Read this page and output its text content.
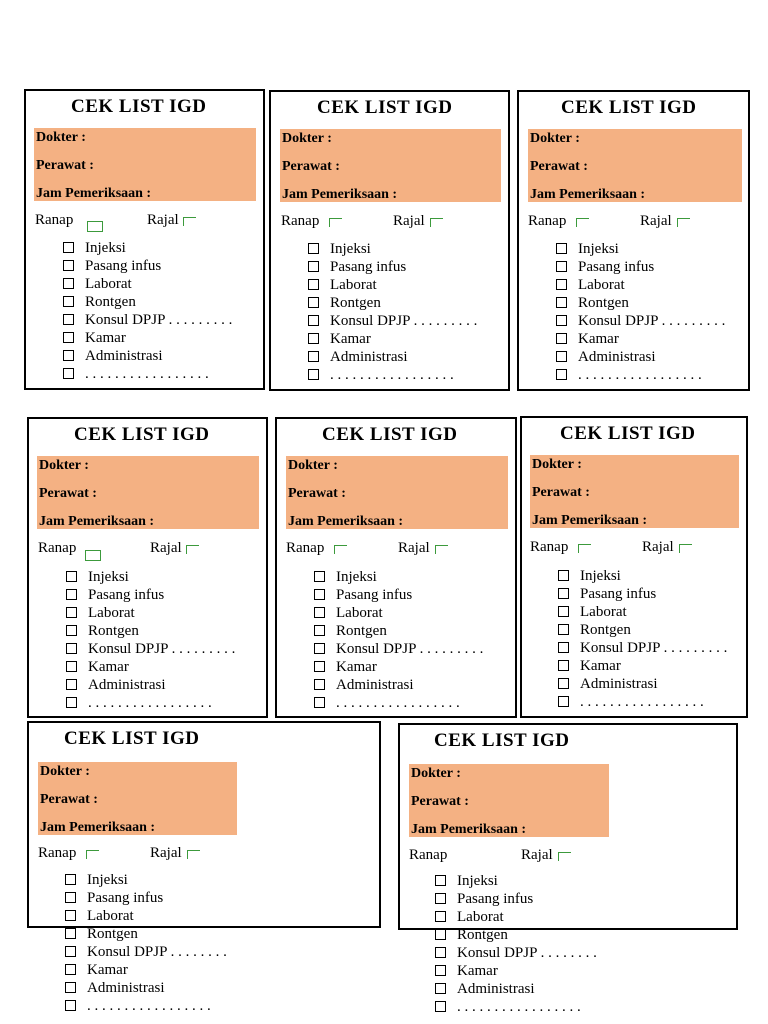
CEK LIST IGD
Dokter :
Perawat :
Jam Pemeriksaan :
Ranap	Rajal
Injeksi
Pasang infus
Laborat
Rontgen
Konsul DPJP . . . . . . . . .
Kamar
Administrasi
. . . . . . . . . . . . . . . . .
CEK LIST IGD
Dokter :
Perawat :
Jam Pemeriksaan :
Ranap	Rajal
Injeksi
Pasang infus
Laborat
Rontgen
Konsul DPJP . . . . . . . . .
Kamar
Administrasi
. . . . . . . . . . . . . . . . .
CEK LIST IGD
Dokter :
Perawat :
Jam Pemeriksaan :
Ranap	Rajal
Injeksi
Pasang infus
Laborat
Rontgen
Konsul DPJP . . . . . . . . .
Kamar
Administrasi
. . . . . . . . . . . . . . . . .
CEK LIST IGD
Dokter :
Perawat :
Jam Pemeriksaan :
Ranap	Rajal
Injeksi
Pasang infus
Laborat
Rontgen
Konsul DPJP . . . . . . . . .
Kamar
Administrasi
. . . . . . . . . . . . . . . . .
CEK LIST IGD
Dokter :
Perawat :
Jam Pemeriksaan :
Ranap	Rajal
Injeksi
Pasang infus
Laborat
Rontgen
Konsul DPJP . . . . . . . . .
Kamar
Administrasi
. . . . . . . . . . . . . . . . .
CEK LIST IGD
Dokter :
Perawat :
Jam Pemeriksaan :
Ranap	Rajal
Injeksi
Pasang infus
Laborat
Rontgen
Konsul DPJP . . . . . . . . .
Kamar
Administrasi
. . . . . . . . . . . . . . . . .
CEK LIST IGD
Dokter :
Perawat :
Jam Pemeriksaan :
Ranap	Rajal
Injeksi
Pasang infus
Laborat
Rontgen
Konsul DPJP . . . . . . . .
Kamar
Administrasi
. . . . . . . . . . . . . . . . .
CEK LIST IGD
Dokter :
Perawat :
Jam Pemeriksaan :
Ranap	Rajal
Injeksi
Pasang infus
Laborat
Rontgen
Konsul DPJP . . . . . . . .
Kamar
Administrasi
. . . . . . . . . . . . . . . . .
